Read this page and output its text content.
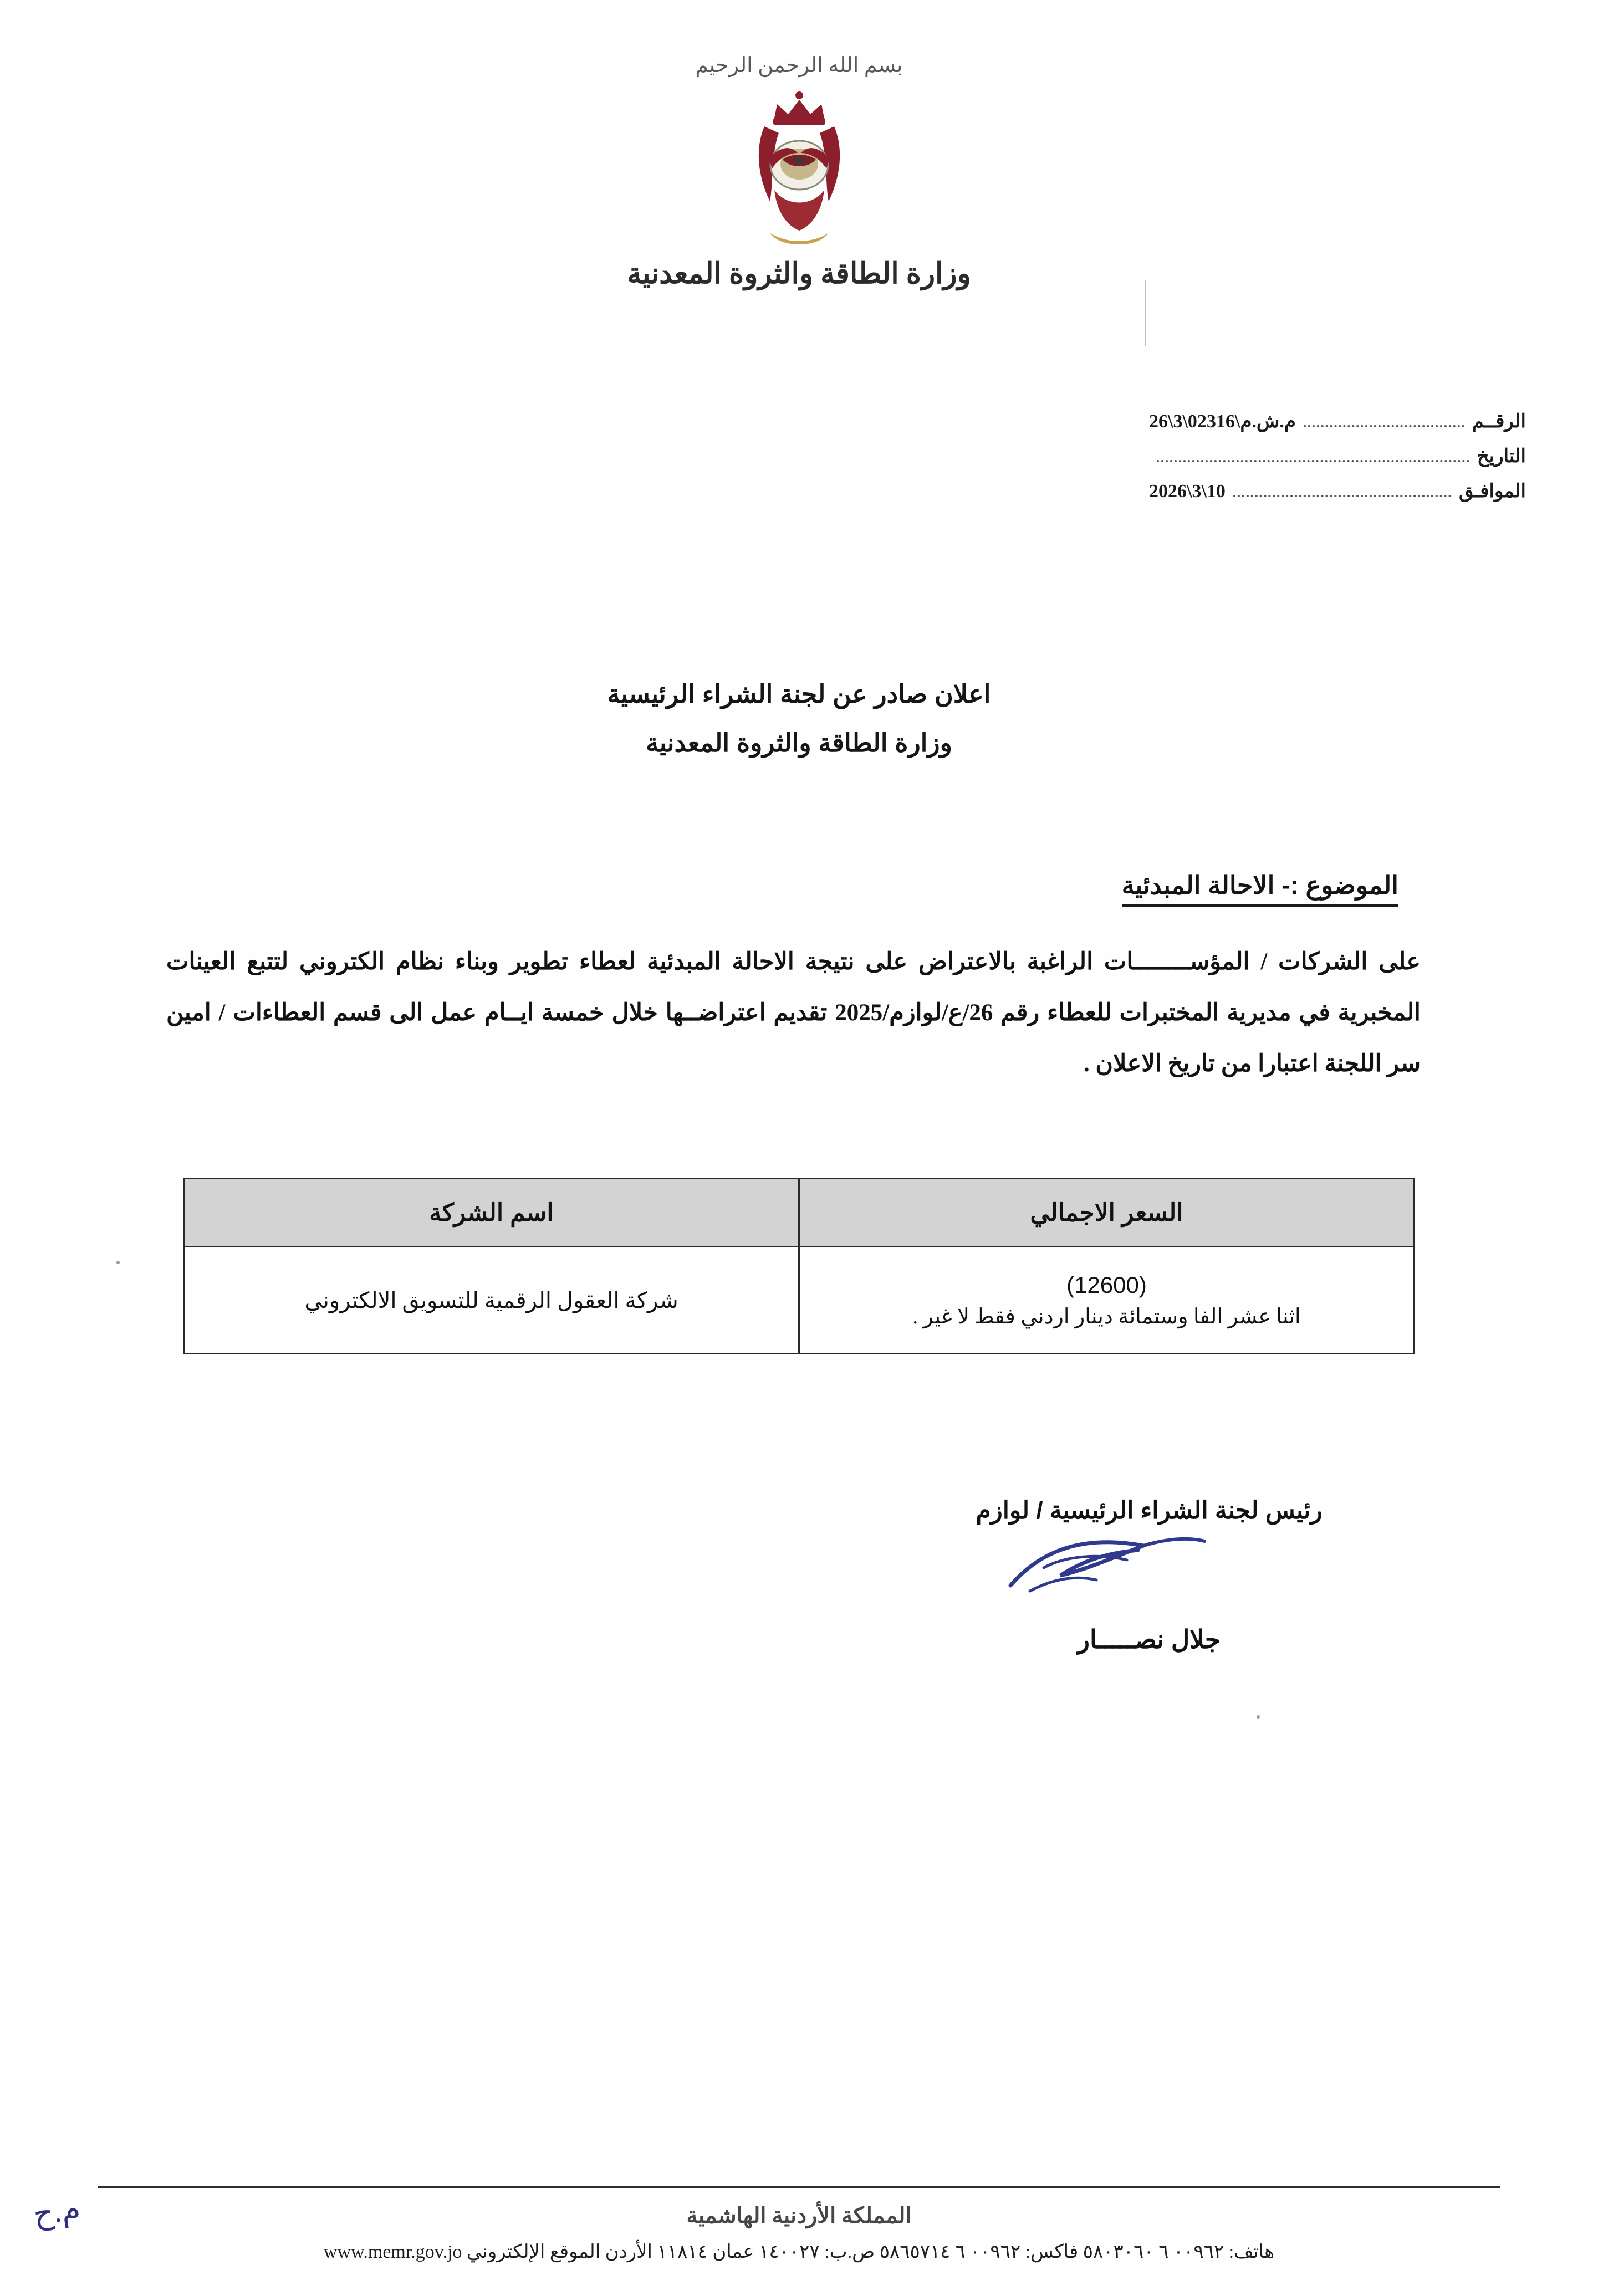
بسم الله الرحمن الرحيم
وزارة الطاقة والثروة المعدنية
الرقــم
م.ش.م\02316\3\26
التاريخ
الموافـق
2026\3\10
اعلان صادر عن لجنة الشراء الرئيسية
وزارة الطاقة والثروة المعدنية
الموضوع :- الاحالة المبدئية
على الشركات / المؤســــــــات الراغبة بالاعتراض على نتيجة الاحالة المبدئية لعطاء تطوير وبناء نظام الكتروني لتتبع العينات المخبرية في مديرية المختبرات للعطاء رقم 26/ع/لوازم/2025 تقديم اعتراضــها خلال خمسة ايــام عمل الى قسم العطاءات / امين سر اللجنة اعتبارا من تاريخ الاعلان .
السعر الاجمالي	اسم الشركة

(12600)
اثنا عشر الفا وستمائة دينار اردني فقط لا غير .	شركة العقول الرقمية للتسويق الالكتروني
رئيس لجنة الشراء الرئيسية / لوازم
جلال نصـــــار
المملكة الأردنية الهاشمية
هاتف: ٠٠٩٦٢ ٦ ٥٨٠٣٠٦٠ فاكس: ٠٠٩٦٢ ٦ ٥٨٦٥٧١٤ ص.ب: ١٤٠٠٢٧ عمان ١١٨١٤ الأردن الموقع الإلكتروني www.memr.gov.jo
م.ح
